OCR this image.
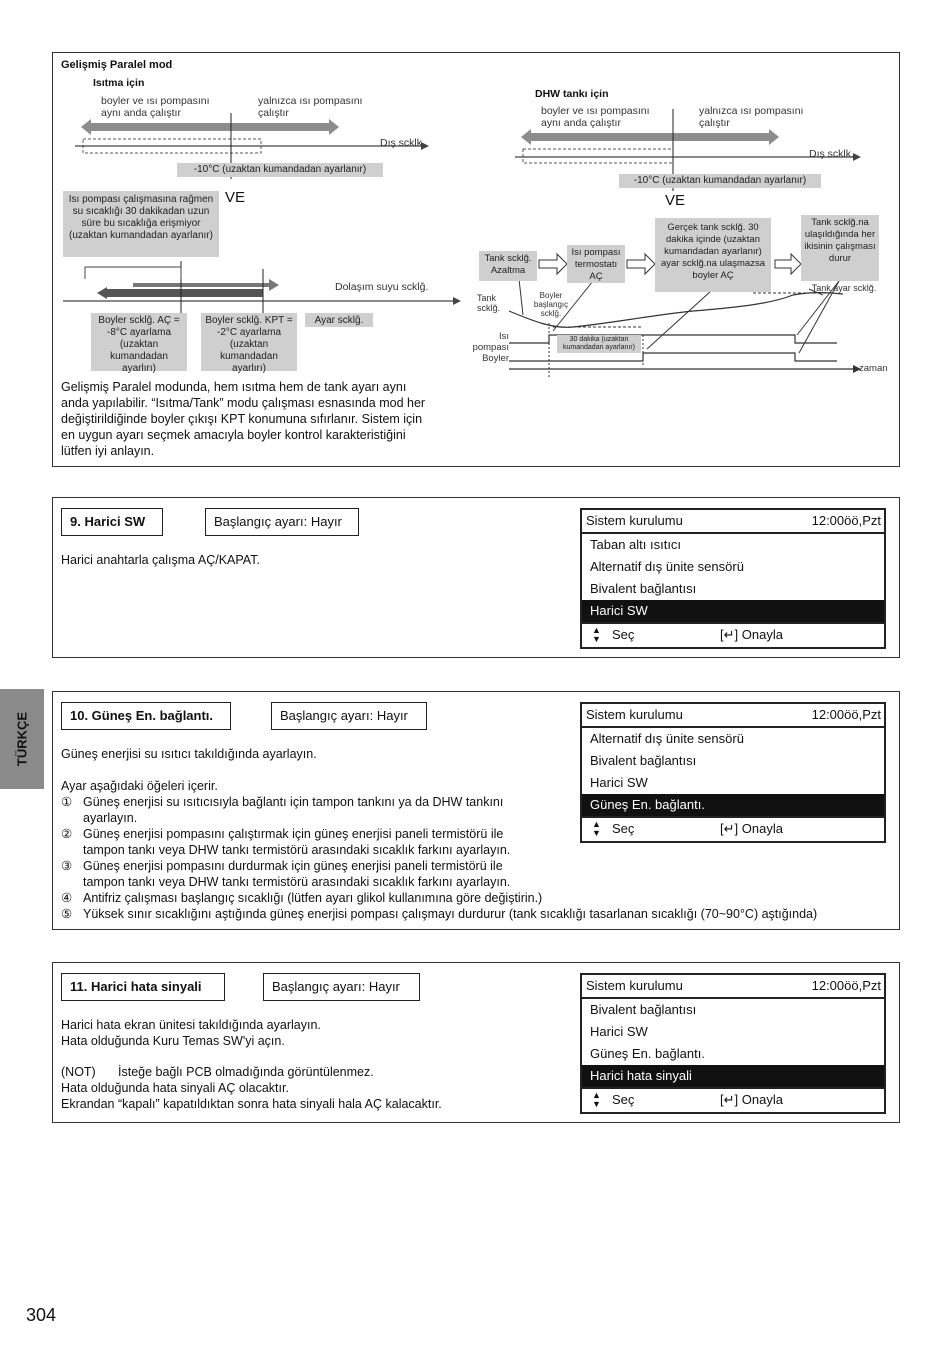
Gelişmiş Paralel mod
Isıtma için
boyler ve ısı pompasını aynı anda çalıştır
yalnızca ısı pompasını çalıştır
Dış scklk.
-10°C (uzaktan kumandadan ayarlanır)
Isı pompası çalışmasına rağmen su sıcaklığı 30 dakikadan uzun süre bu sıcaklığa erişmiyor (uzaktan kumandadan ayarlanır)
VE
Dolaşım suyu scklğ.
Boyler scklğ. AÇ = -8°C ayarlama (uzaktan kumandadan ayarlırı)
Boyler scklğ. KPT = -2°C ayarlama (uzaktan kumandadan ayarlırı)
Ayar scklğ.
DHW tankı için
boyler ve ısı pompasını aynı anda çalıştır
yalnızca ısı pompasını çalıştır
Dış scklk.
-10°C (uzaktan kumandadan ayarlanır)
VE
Tank scklğ. Azaltma
Isı pompası termostatı AÇ
Gerçek tank scklğ. 30 dakika içinde (uzaktan kumandadan ayarlanır) ayar scklğ.na ulaşmazsa boyler AÇ
Tank scklğ.na ulaşıldığında her ikisinin çalışması durur
Tank scklğ.
Boyler başlangıç scklğ.
Tank ayar scklğ.
Isı pompası
Boyler
30 dakika (uzaktan kumandadan ayarlanır)
zaman
Gelişmiş Paralel modunda, hem ısıtma hem de tank ayarı aynı
anda yapılabilir. “Isıtma/Tank” modu çalışması esnasında mod her
değiştirildiğinde boyler çıkışı KPT konumuna sıfırlanır. Sistem için
en uygun ayarı seçmek amacıyla boyler kontrol karakteristiğini
lütfen iyi anlayın.
9. Harici SW	Başlangıç ayarı: Hayır
Harici anahtarla çalışma AÇ/KAPAT.
Sistem kurulumu	12:00öö,Pzt
Taban altı ısıtıcı
Alternatif dış ünite sensörü
Bivalent bağlantısı
Harici SW
▲
▼ Seç	[↵] Onayla
TÜRKÇE	10. Güneş En. bağlantı.	Başlangıç ayarı: Hayır
Güneş enerjisi su ısıtıcı takıldığında ayarlayın.
Ayar aşağıdaki öğeleri içerir.
① Güneş enerjisi su ısıtıcısıyla bağlantı için tampon tankını ya da DHW tankını
ayarlayın.
② Güneş enerjisi pompasını çalıştırmak için güneş enerjisi paneli termistörü ile
tampon tankı veya DHW tankı termistörü arasındaki sıcaklık farkını ayarlayın.
③ Güneş enerjisi pompasını durdurmak için güneş enerjisi paneli termistörü ile
tampon tankı veya DHW tankı termistörü arasındaki sıcaklık farkını ayarlayın.
④ Antifriz çalışması başlangıç sıcaklığı (lütfen ayarı glikol kullanımına göre değiştirin.)
⑤ Yüksek sınır sıcaklığını aştığında güneş enerjisi pompası çalışmayı durdurur (tank sıcaklığı tasarlanan sıcaklığı (70~90°C) aştığında)
Sistem kurulumu	12:00öö,Pzt
Alternatif dış ünite sensörü
Bivalent bağlantısı
Harici SW
Güneş En. bağlantı.
▲
▼ Seç	[↵] Onayla
11. Harici hata sinyali	Başlangıç ayarı: Hayır
Harici hata ekran ünitesi takıldığında ayarlayın.
Hata olduğunda Kuru Temas SW'yi açın.
(NOT) İsteğe bağlı PCB olmadığında görüntülenmez.
Hata olduğunda hata sinyali AÇ olacaktır.
Ekrandan “kapalı” kapatıldıktan sonra hata sinyali hala AÇ kalacaktır.
Sistem kurulumu	12:00öö,Pzt
Bivalent bağlantısı
Harici SW
Güneş En. bağlantı.
Harici hata sinyali
▲
▼ Seç	[↵] Onayla
304
